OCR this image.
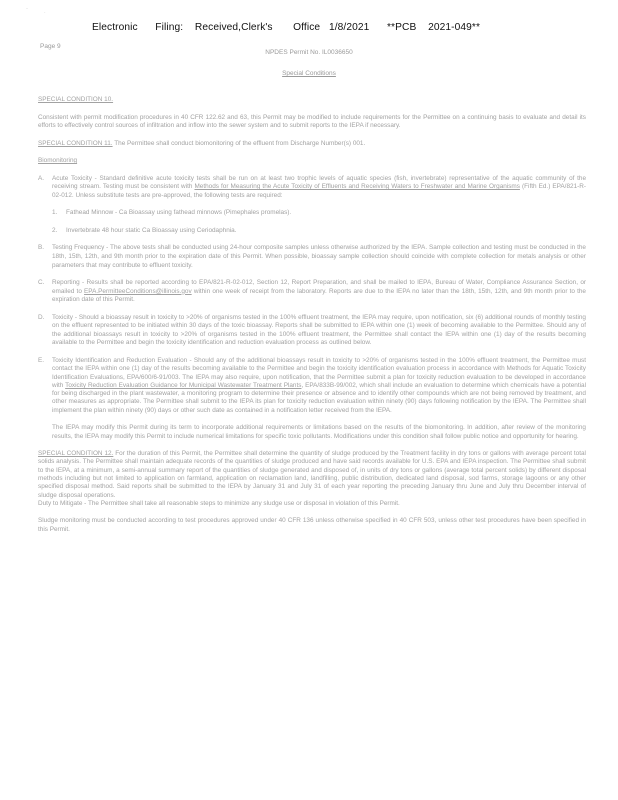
·
·
Electronic      Filing:    Received,Clerk's       Office   1/8/2021      **PCB    2021-049**
Page 9
NPDES Permit No. IL0036650
Special Conditions

SPECIAL CONDITION 10.

Consistent with permit modification procedures in 40 CFR 122.62 and 63, this Permit may be modified to include requirements for the Permittee on a continuing basis to evaluate and detail its efforts to effectively control sources of infiltration and inflow into the sewer system and to submit reports to the IEPA if necessary.

SPECIAL CONDITION 11. The Permittee shall conduct biomonitoring of the effluent from Discharge Number(s) 001.

Biomonitoring

A. Acute Toxicity - Standard definitive acute toxicity tests shall be run on at least two trophic levels of aquatic species (fish, invertebrate) representative of the aquatic community of the receiving stream. Testing must be consistent with Methods for Measuring the Acute Toxicity of Effluents and Receiving Waters to Freshwater and Marine Organisms (Fifth Ed.) EPA/821-R-02-012. Unless substitute tests are pre-approved, the following tests are required:
1. Fathead Minnow - Ca Bioassay using fathead minnows (Pimephales promelas).
2. Invertebrate 48 hour static Ca Bioassay using Ceriodaphnia.
B. Testing Frequency - The above tests shall be conducted using 24-hour composite samples unless otherwise authorized by the IEPA. Sample collection and testing must be conducted in the 18th, 15th, 12th, and 9th month prior to the expiration date of this Permit. When possible, bioassay sample collection should coincide with complete collection for metals analysis or other parameters that may contribute to effluent toxicity.
C. Reporting - Results shall be reported according to EPA/821-R-02-012, Section 12, Report Preparation, and shall be mailed to IEPA, Bureau of Water, Compliance Assurance Section, or emailed to EPA.PermitteeConditions@illinois.gov within one week of receipt from the laboratory. Reports are due to the IEPA no later than the 18th, 15th, 12th, and 9th month prior to the expiration date of this Permit.
D. Toxicity - Should a bioassay result in toxicity to >20% of organisms tested in the 100% effluent treatment, the IEPA may require, upon notification, six (6) additional rounds of monthly testing on the effluent represented to be initiated within 30 days of the toxic bioassay. Reports shall be submitted to IEPA within one (1) week of becoming available to the Permittee. Should any of the additional bioassays result in toxicity to >20% of organisms tested in the 100% effluent treatment, the Permittee shall contact the IEPA within one (1) day of the results becoming available to the Permittee and begin the toxicity identification and reduction evaluation process as outlined below.
E. Toxicity Identification and Reduction Evaluation - Should any of the additional bioassays result in toxicity to >20% of organisms tested in the 100% effluent treatment, the Permittee must contact the IEPA within one (1) day of the results becoming available to the Permittee and begin the toxicity identification evaluation process in accordance with Methods for Aquatic Toxicity Identification Evaluations, EPA/600/6-91/003. The IEPA may also require, upon notification, that the Permittee submit a plan for toxicity reduction evaluation to be developed in accordance with Toxicity Reduction Evaluation Guidance for Municipal Wastewater Treatment Plants, EPA/833B-99/002, which shall include an evaluation to determine which chemicals have a potential for being discharged in the plant wastewater, a monitoring program to determine their presence or absence and to identify other compounds which are not being removed by treatment, and other measures as appropriate. The Permittee shall submit to the IEPA its plan for toxicity reduction evaluation within ninety (90) days following notification by the IEPA. The Permittee shall implement the plan within ninety (90) days or other such date as contained in a notification letter received from the IEPA.

The IEPA may modify this Permit during its term to incorporate additional requirements or limitations based on the results of the biomonitoring. In addition, after review of the monitoring results, the IEPA may modify this Permit to include numerical limitations for specific toxic pollutants. Modifications under this condition shall follow public notice and opportunity for hearing.

SPECIAL CONDITION 12. For the duration of this Permit, the Permittee shall determine the quantity of sludge produced by the Treatment facility in dry tons or gallons with average percent total solids analysis. The Permittee shall maintain adequate records of the quantities of sludge produced and have said records available for U.S. EPA and IEPA inspection. The Permittee shall submit to the IEPA, at a minimum, a semi-annual summary report of the quantities of sludge generated and disposed of, in units of dry tons or gallons (average total percent solids) by different disposal methods including but not limited to application on farmland, application on reclamation land, landfilling, public distribution, dedicated land disposal, sod farms, storage lagoons or any other specified disposal method. Said reports shall be submitted to the IEPA by January 31 and July 31 of each year reporting the preceding January thru June and July thru December interval of sludge disposal operations.

Duty to Mitigate - The Permittee shall take all reasonable steps to minimize any sludge use or disposal in violation of this Permit.

Sludge monitoring must be conducted according to test procedures approved under 40 CFR 136 unless otherwise specified in 40 CFR 503, unless other test procedures have been specified in this Permit.
